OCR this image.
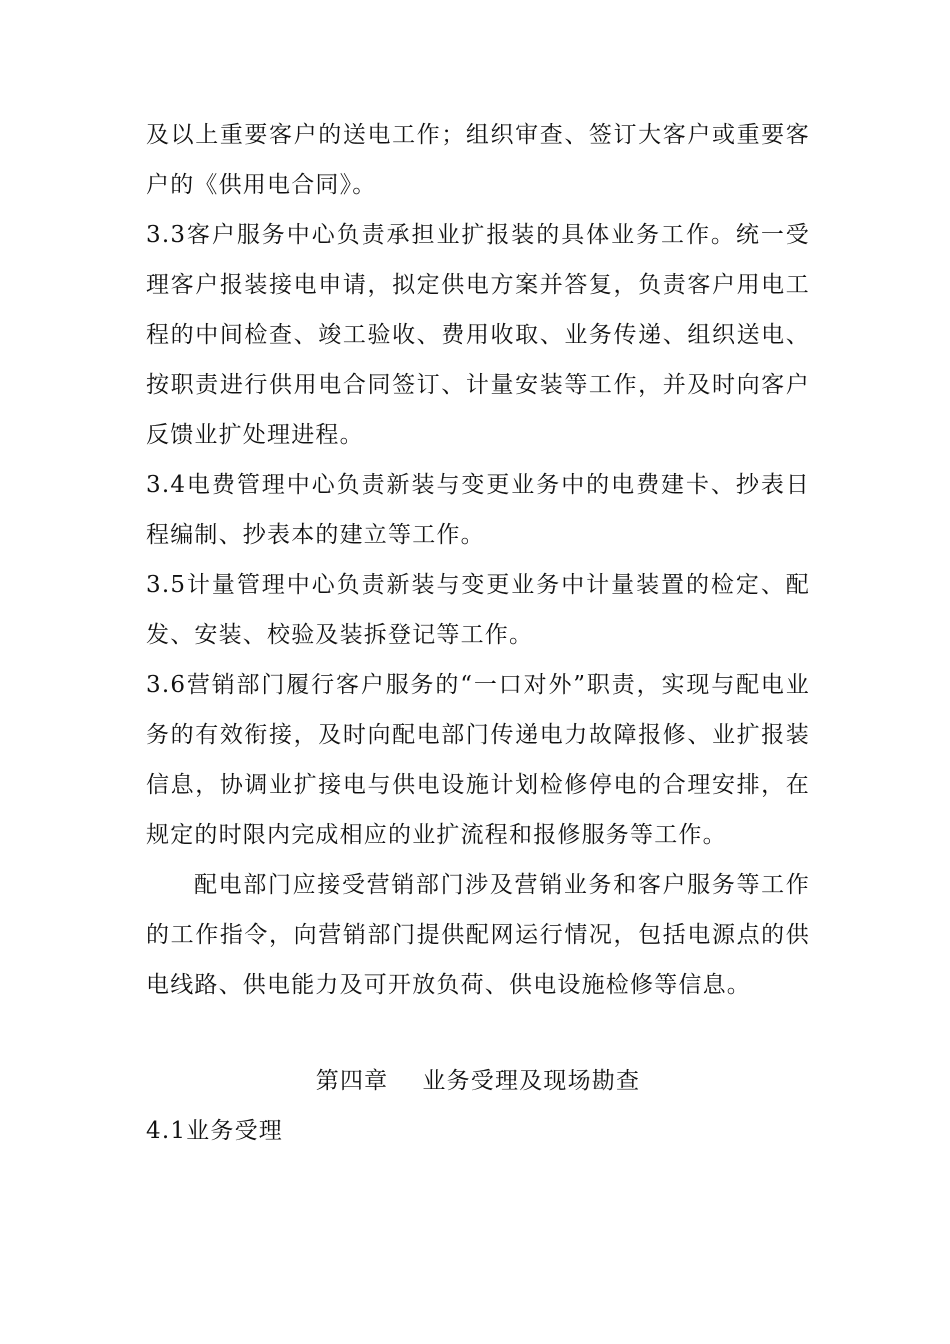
及以上重要客户的送电工作；组织审查、签订大客户或重要客户的《供用电合同》。

3.3客户服务中心负责承担业扩报装的具体业务工作。统一受理客户报装接电申请，拟定供电方案并答复，负责客户用电工程的中间检查、竣工验收、费用收取、业务传递、组织送电、按职责进行供用电合同签订、计量安装等工作，并及时向客户反馈业扩处理进程。

3.4电费管理中心负责新装与变更业务中的电费建卡、抄表日程编制、抄表本的建立等工作。

3.5计量管理中心负责新装与变更业务中计量装置的检定、配发、安装、校验及装拆登记等工作。

3.6营销部门履行客户服务的“一口对外”职责，实现与配电业务的有效衔接，及时向配电部门传递电力故障报修、业扩报装信息，协调业扩接电与供电设施计划检修停电的合理安排，在规定的时限内完成相应的业扩流程和报修服务等工作。

配电部门应接受营销部门涉及营销业务和客户服务等工作的工作指令，向营销部门提供配网运行情况，包括电源点的供电线路、供电能力及可开放负荷、供电设施检修等信息。

第四章    业务受理及现场勘查
4.1业务受理
